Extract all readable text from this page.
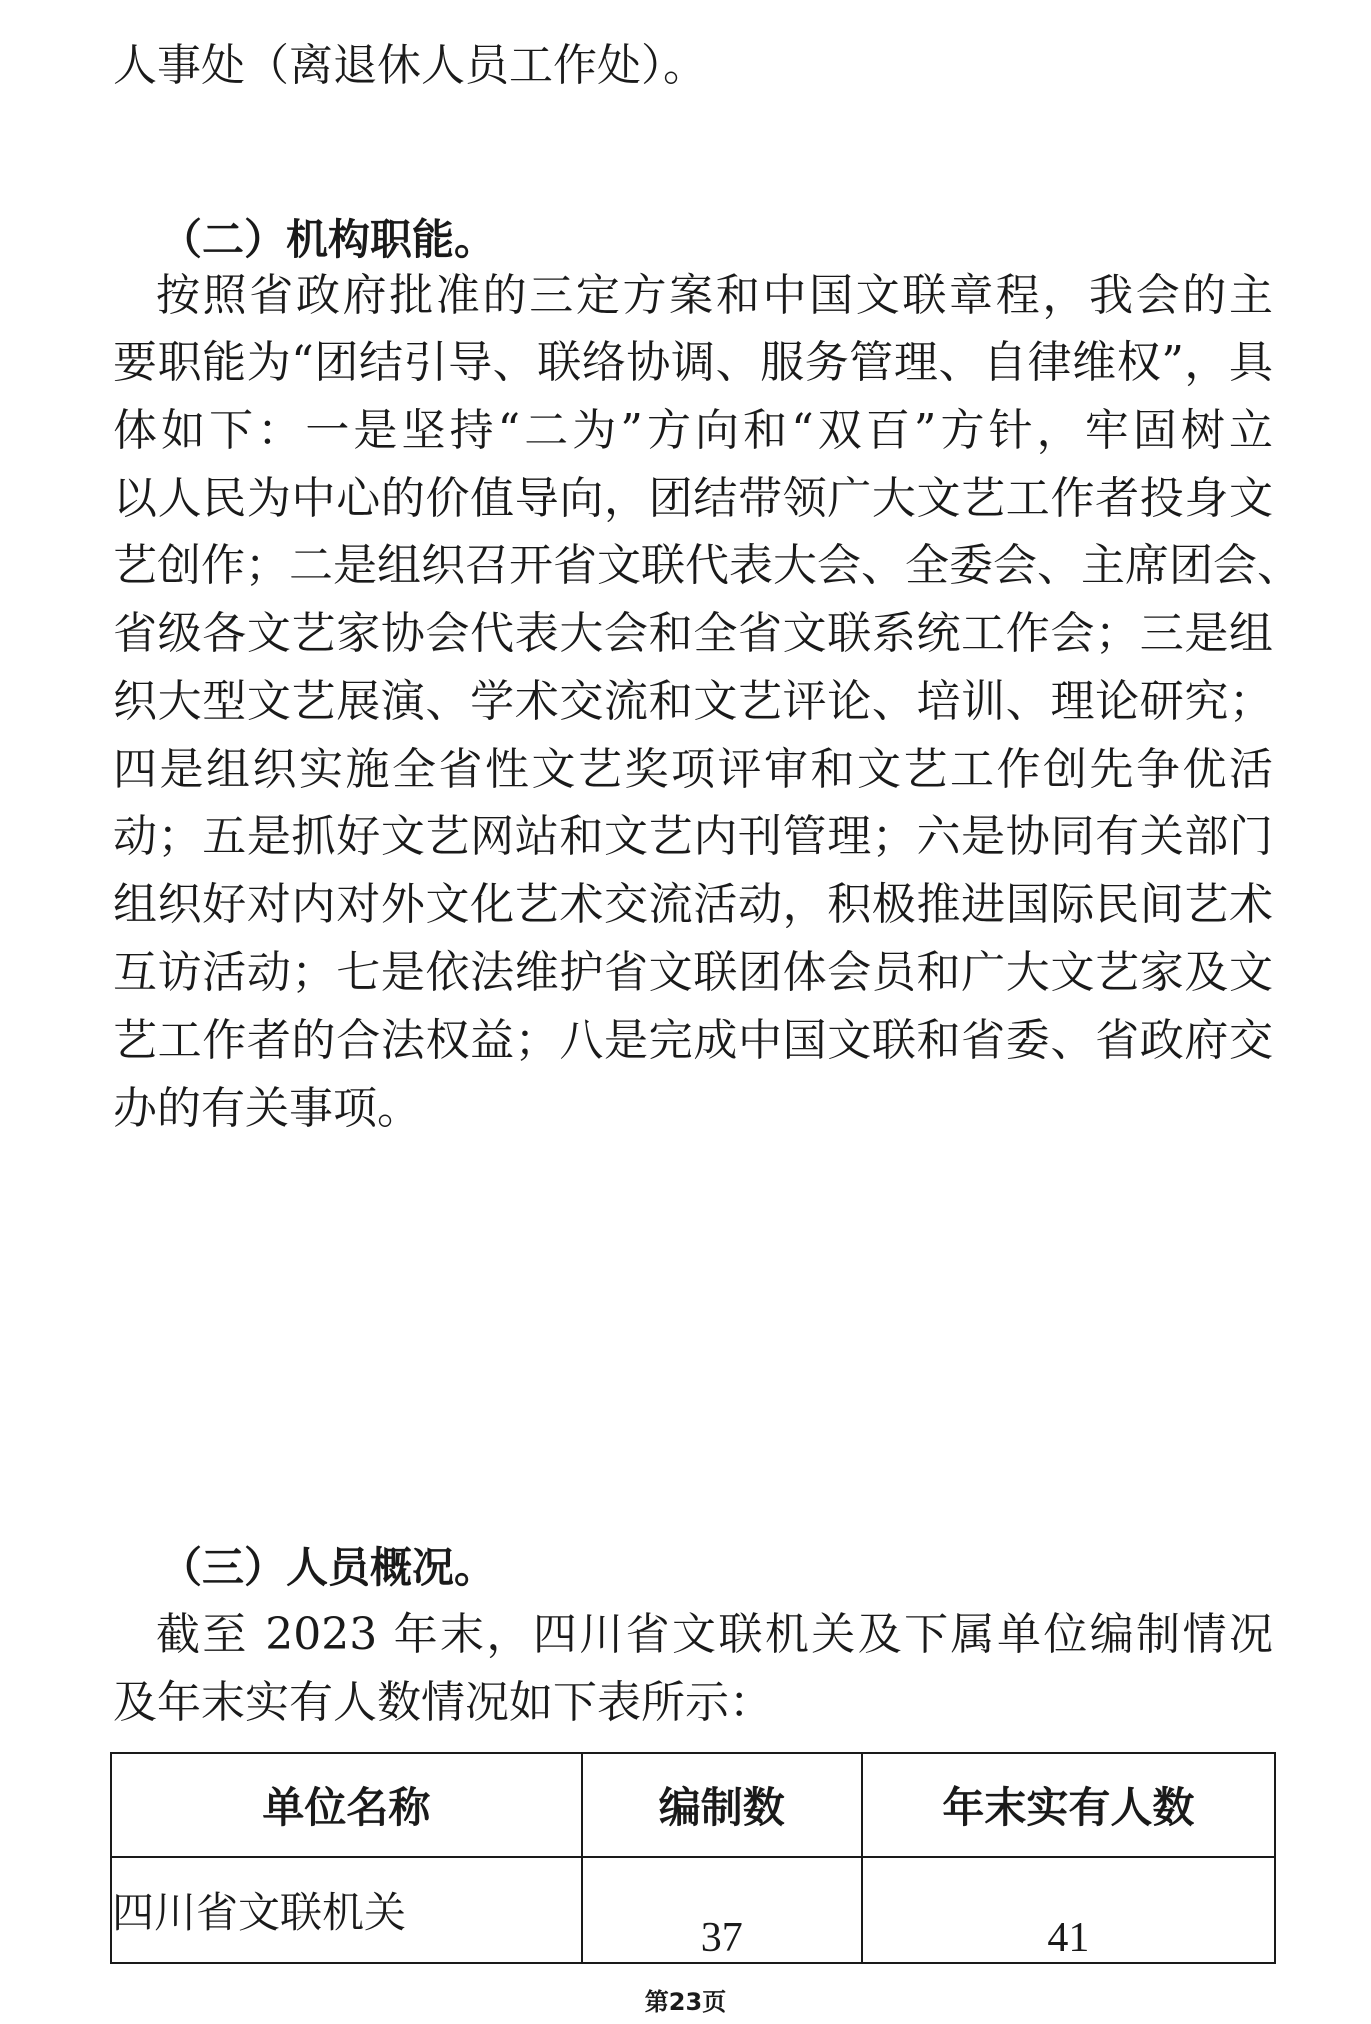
人事处（离退休人员工作处）。
（二）机构职能。
按照省政府批准的三定方案和中国文联章程，我会的主
要职能为“团结引导、联络协调、服务管理、自律维权”，具
体如下：一是坚持“二为”方向和“双百”方针，牢固树立
以人民为中心的价值导向，团结带领广大文艺工作者投身文
艺创作；二是组织召开省文联代表大会、全委会、主席团会、
省级各文艺家协会代表大会和全省文联系统工作会；三是组
织大型文艺展演、学术交流和文艺评论、培训、理论研究；
四是组织实施全省性文艺奖项评审和文艺工作创先争优活
动；五是抓好文艺网站和文艺内刊管理；六是协同有关部门
组织好对内对外文化艺术交流活动，积极推进国际民间艺术
互访活动；七是依法维护省文联团体会员和广大文艺家及文
艺工作者的合法权益；八是完成中国文联和省委、省政府交
办的有关事项。
（三）人员概况。
截至 2023 年末，四川省文联机关及下属单位编制情况
及年末实有人数情况如下表所示：
单位名称	编制数	年末实有人数
四川省文联机关	37	41
第23页
